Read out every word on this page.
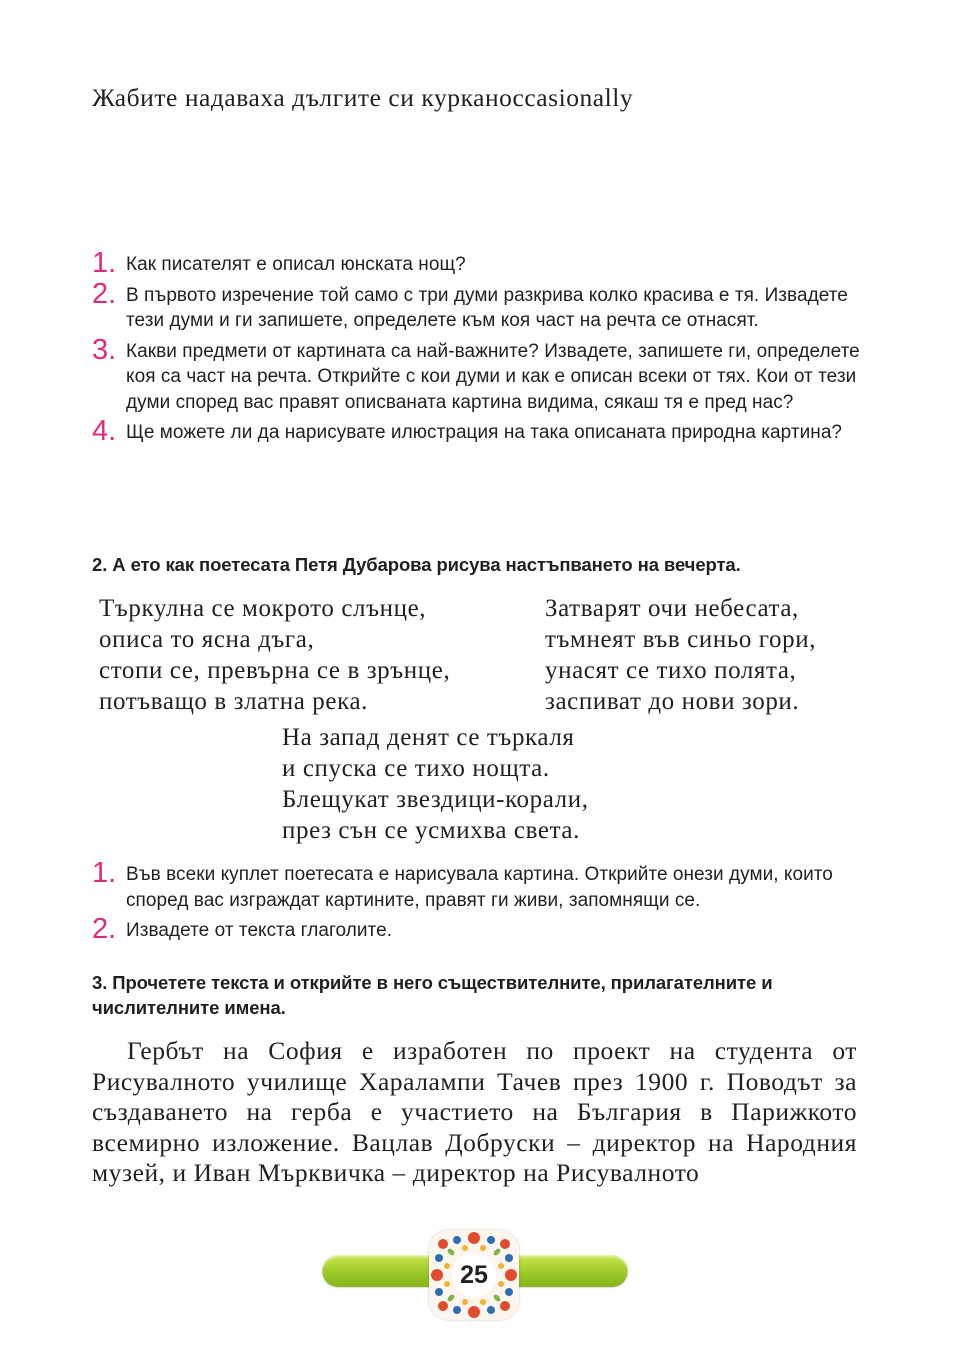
Жабите надаваха дългите си курканoccasionally

1. Как писателят е описал юнската нощ?
2. В първото изречение той само с три думи разкрива колко красива е тя. Извадете тези думи и ги запишете, определете към коя част на речта се отнасят.
3. Какви предмети от картината са най-важните? Извадете, запишете ги, определете коя са част на речта. Открийте с кои думи и как е описан всеки от тях. Кои от тези думи според вас правят описваната картина видима, сякаш тя е пред нас?
4. Ще можете ли да нарисувате илюстрация на така описаната природна картина?
2. А ето как поетесата Петя Дубарова рисува настъпването на вечерта.
Търкулна се мокрото слънце,
описа то ясна дъга,
стопи се, превърна се в зрънце,
потъващо в златна река.
Затварят очи небесата,
тъмнеят във синьо гори,
унасят се тихо полята,
заспиват до нови зори.
На запад денят се търкаля
и спуска се тихо нощта.
Блещукат звездици-корали,
през сън се усмихва света.
1. Във всеки куплет поетесата е нарисувала картина. Открийте онези думи, които според вас изграждат картините, правят ги живи, запомнящи се.
2. Извадете от текста глаголите.
3. Прочетете текста и открийте в него съществителните, прилагателните и числителните имена.

Гербът на София е изработен по проект на студента от Рисувалното училище Харалампи Тачев през 1900 г. Поводът за създаването на герба е участието на България в Парижкото всемирно изложение. Вацлав Добруски – директор на Народния музей, и Иван Мърквичка – директор на Рисувалното

25
